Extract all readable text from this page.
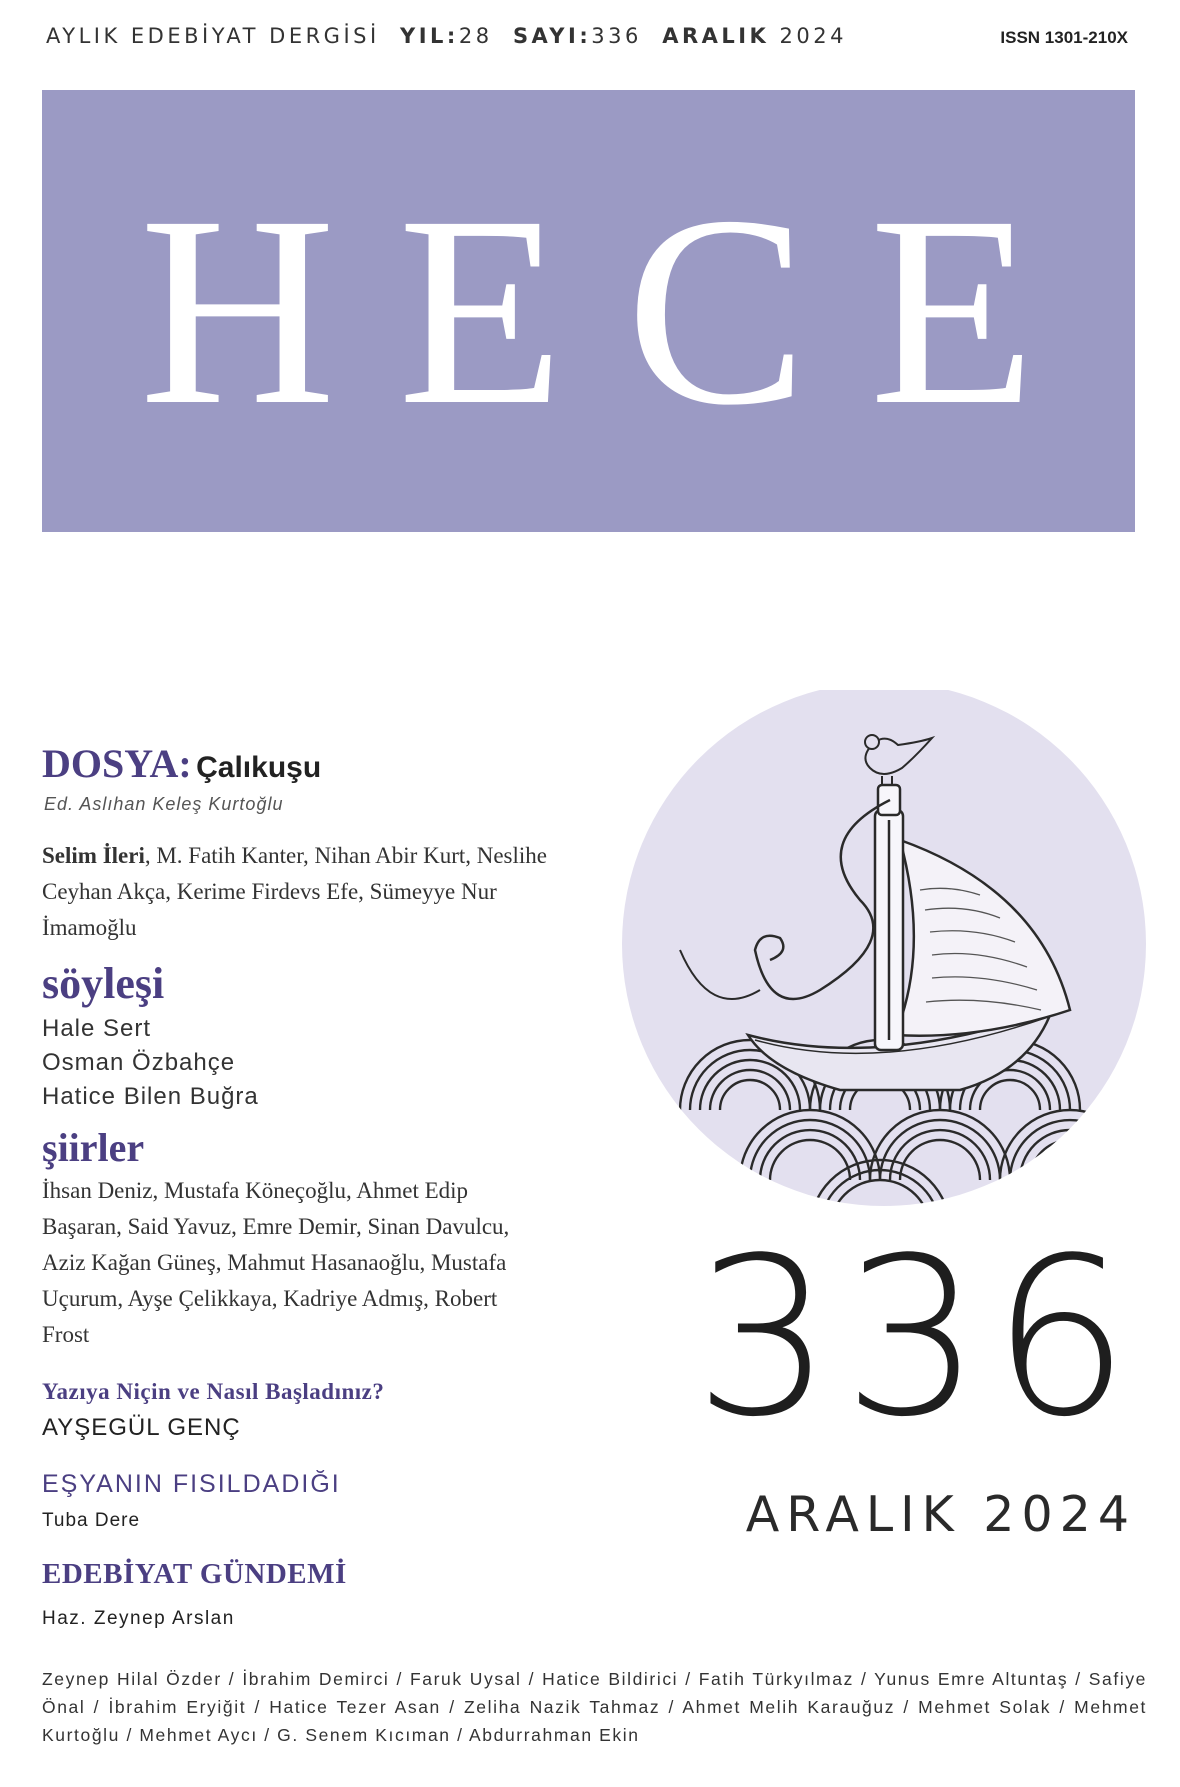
AYLIK EDEBİYAT DERGİSİ YIL:28 SAYI:336 ARALIK 2024	ISSN 1301-210X
HECE
DOSYA: Çalıkuşu
Ed. Aslıhan Keleş Kurtoğlu
Selim İleri, M. Fatih Kanter, Nihan Abir Kurt, Neslihe Ceyhan Akça, Kerime Firdevs Efe, Sümeyye Nur İmamoğlu
söyleşi
Hale Sert
Osman Özbahçe
Hatice Bilen Buğra
şiirler
İhsan Deniz, Mustafa Köneçoğlu, Ahmet Edip Başaran, Said Yavuz, Emre Demir, Sinan Davulcu, Aziz Kağan Güneş, Mahmut Hasanaoğlu, Mustafa Uçurum, Ayşe Çelikkaya, Kadriye Admış, Robert Frost
Yazıya Niçin ve Nasıl Başladınız?
AYŞEGÜL GENÇ
EŞYANIN FISILDADIĞI
Tuba Dere
EDEBİYAT GÜNDEMİ
Haz. Zeynep Arslan
Zeynep Hilal Özder / İbrahim Demirci / Faruk Uysal / Hatice Bildirici / Fatih Türkyılmaz / Yunus Emre Altuntaş / Safiye Önal / İbrahim Eryiğit / Hatice Tezer Asan / Zeliha Nazik Tahmaz / Ahmet Melih Karauğuz / Mehmet Solak / Mehmet Kurtoğlu / Mehmet Aycı / G. Senem Kıcıman / Abdurrahman Ekin
336
ARALIK 2024
